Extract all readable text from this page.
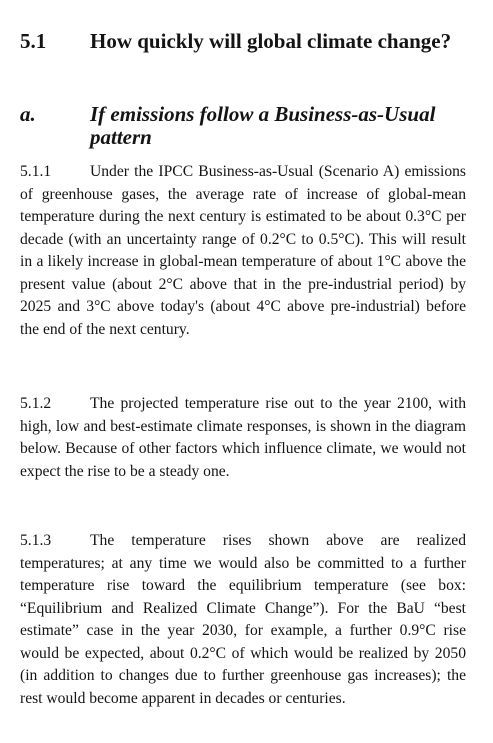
5.1 How quickly will global climate change?
a.	If emissions follow a Business-as-Usual pattern

5.1.1 Under the IPCC Business-as-Usual (Scenario A) emissions of greenhouse gases, the average rate of increase of global-mean temperature during the next century is estimated to be about 0.3°C per decade (with an uncertainty range of 0.2°C to 0.5°C). This will result in a likely increase in global-mean temperature of about 1°C above the present value (about 2°C above that in the pre-industrial period) by 2025 and 3°C above today's (about 4°C above pre-industrial) before the end of the next century.

5.1.2 The projected temperature rise out to the year 2100, with high, low and best-estimate climate responses, is shown in the diagram below. Because of other factors which influence climate, we would not expect the rise to be a steady one.

5.1.3 The temperature rises shown above are realized temperatures; at any time we would also be committed to a further temperature rise toward the equilibrium temperature (see box: “Equilibrium and Realized Climate Change”). For the BaU “best estimate” case in the year 2030, for example, a further 0.9°C rise would be expected, about 0.2°C of which would be realized by 2050 (in addition to changes due to further greenhouse gas increases); the rest would become apparent in decades or centuries.
